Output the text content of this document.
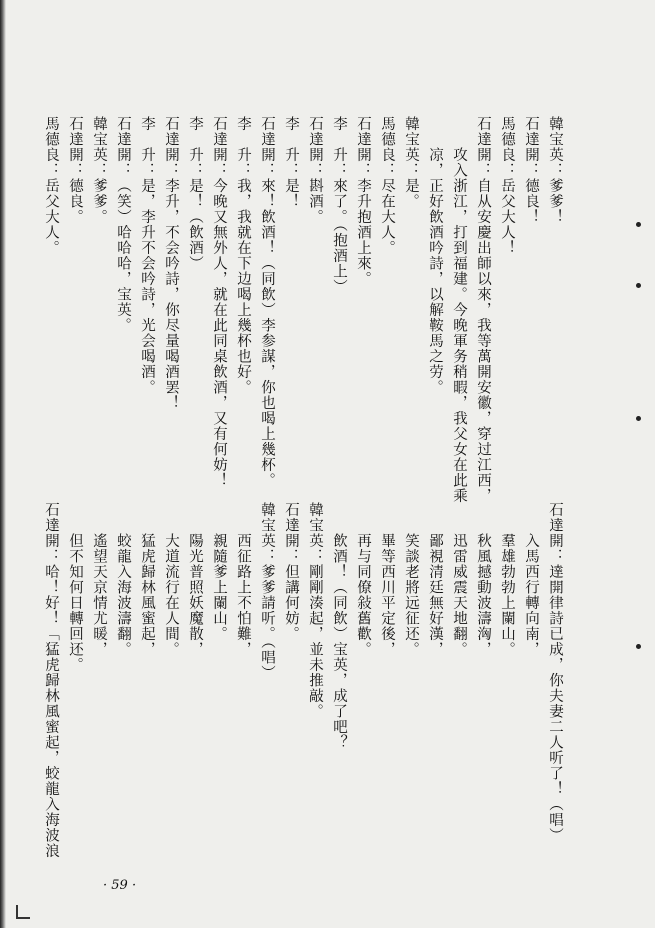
韓宝英：爹爹！
石達開：德良！
馬德良：岳父大人！
石達開：自从安慶出師以來，我等萬開安徽，穿过江西，
　　攻入浙江，打到福建。今晚軍务稍暇，我父女在此乘
　　凉，正好飲酒吟詩，以解鞍馬之劳。
韓宝英：是。
馬德良：尽在大人。
石達開：李升抱酒上來。
李　升：來了。（抱酒上）
石達開：斟酒。
李　升：是！
石達開：來！飲酒！（同飲）李参謀，你也喝上幾杯。
李　升：我，我就在下边喝上幾杯也好。
石達開：今晚又無外人，就在此同桌飲酒，又有何妨！
李　升：是！（飲酒）
石達開：李升，不会吟詩，你尽量喝酒罢！
李　升：是，李升不会吟詩，光会喝酒。
石達開：（笑）哈哈哈，宝英。
韓宝英：爹爹。
石達開：德良。
馬德良：岳父大人。
石達開：達開律詩已成，你夫妻二人听了！（唱）
　　入馬西行轉向南，
　　羣雄勃勃上闌山。
　　秋風撼動波濤洶，
　　迅雷威震天地翻。
　　鄙視清廷無好漢，
　　笑談老將远征还。
　　畢等西川平定後，
　　再与同僚敍舊歡。
　　飲酒！（同飲）宝英，成了吧？
韓宝英：剛剛湊起，並未推敲。
石達開：但講何妨。
韓宝英：爹爹請听。（唱）
　　西征路上不怕難，
　　親隨爹上闌山。
　　陽光普照妖魔散，
　　大道流行在人間。
　　猛虎歸林風蜜起，
　　蛟龍入海波濤翻。
　　遙望天京情尤暖，
　　但不知何日轉回还。
石達開：哈！好！「猛虎歸林風蜜起，蛟龍入海波浪
· 59 ·
